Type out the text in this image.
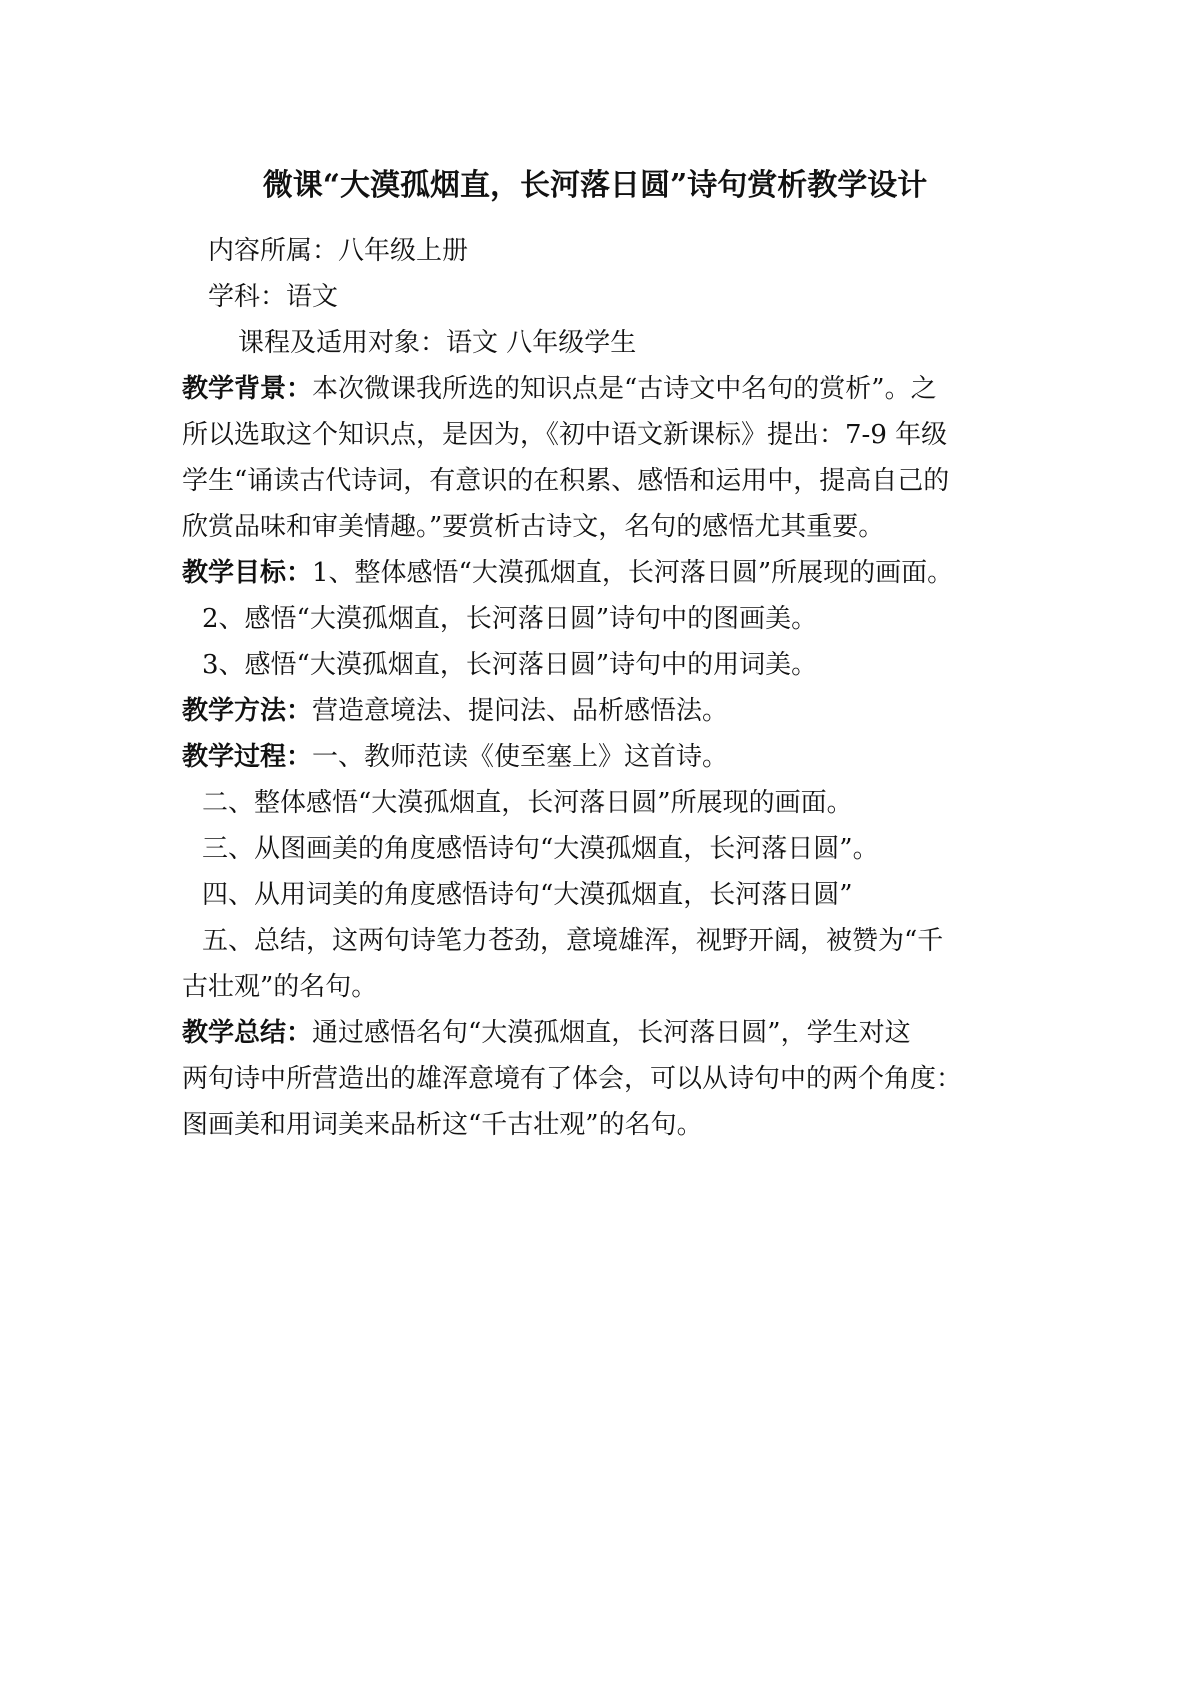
微课“大漠孤烟直，长河落日圆”诗句赏析教学设计
内容所属：八年级上册
学科：语文
课程及适用对象：语文 八年级学生
教学背景：本次微课我所选的知识点是“古诗文中名句的赏析”。之
所以选取这个知识点，是因为，《初中语文新课标》提出：7-9 年级
学生“诵读古代诗词，有意识的在积累、感悟和运用中，提高自己的
欣赏品味和审美情趣。”要赏析古诗文，名句的感悟尤其重要。
教学目标：1、整体感悟“大漠孤烟直，长河落日圆”所展现的画面。
2、感悟“大漠孤烟直，长河落日圆”诗句中的图画美。
3、感悟“大漠孤烟直，长河落日圆”诗句中的用词美。
教学方法：营造意境法、提问法、品析感悟法。
教学过程：一、教师范读《使至塞上》这首诗。
二、整体感悟“大漠孤烟直，长河落日圆”所展现的画面。
三、从图画美的角度感悟诗句“大漠孤烟直，长河落日圆”。
四、从用词美的角度感悟诗句“大漠孤烟直，长河落日圆”
五、总结，这两句诗笔力苍劲，意境雄浑，视野开阔，被赞为“千
古壮观”的名句。
教学总结：通过感悟名句“大漠孤烟直，长河落日圆”，学生对这
两句诗中所营造出的雄浑意境有了体会，可以从诗句中的两个角度：
图画美和用词美来品析这“千古壮观”的名句。
